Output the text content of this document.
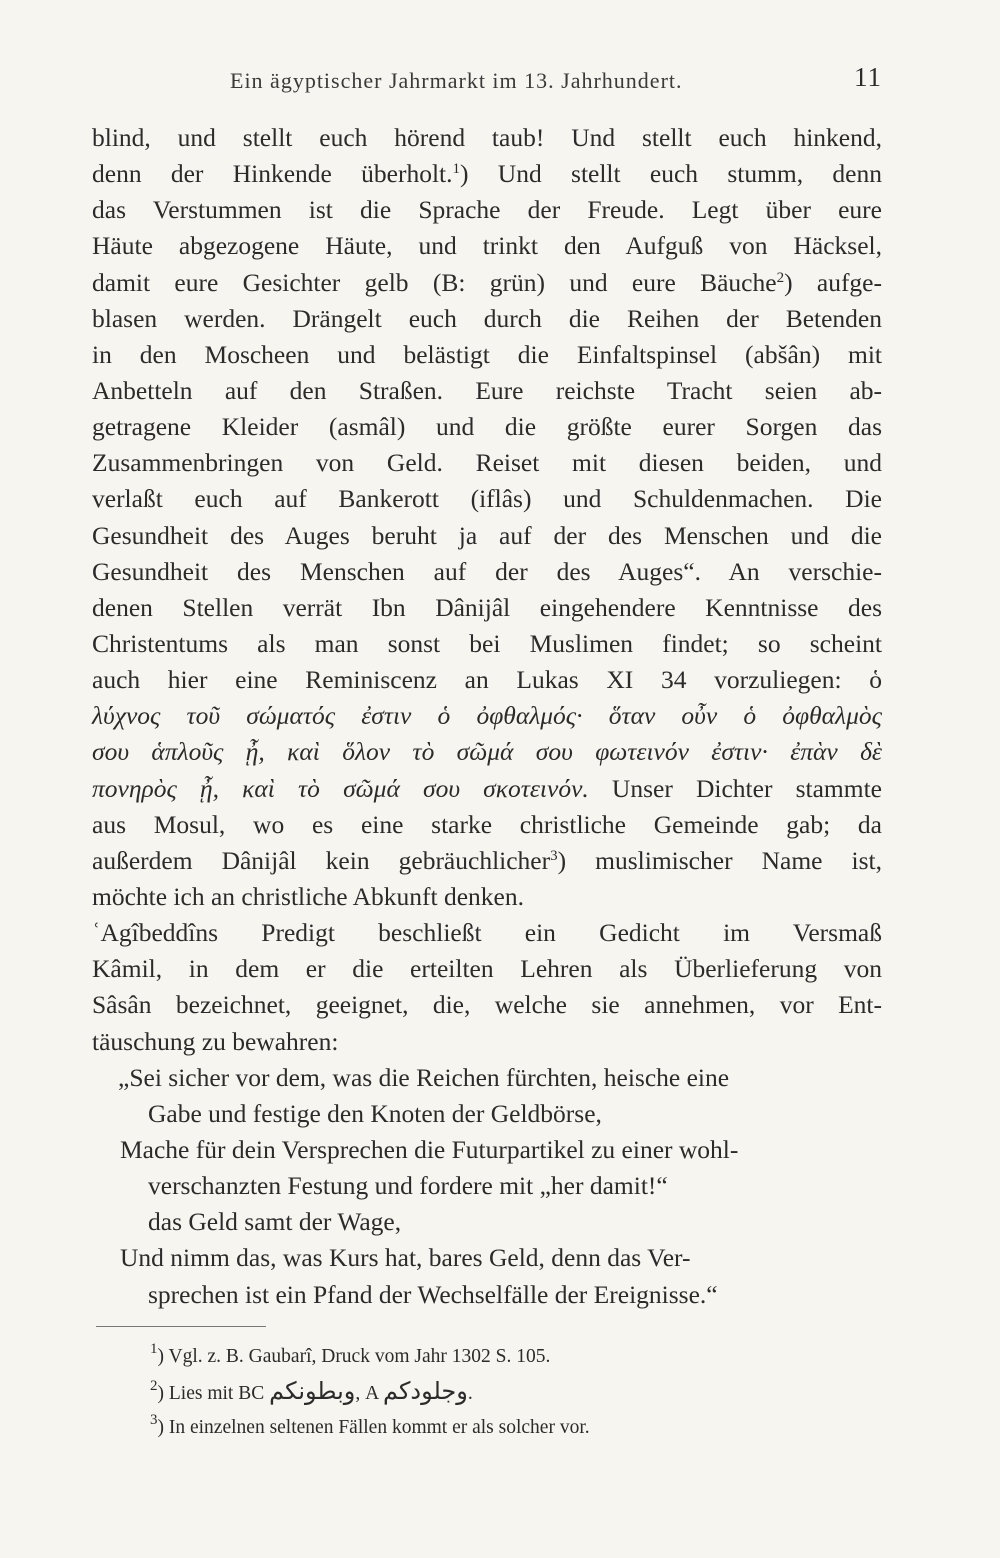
Ein ägyptischer Jahrmarkt im 13. Jahrhundert.	11
blind, und stellt euch hörend taub! Und stellt euch hinkend,
denn der Hinkende überholt.$^1$) Und stellt euch stumm, denn
das Verstummen ist die Sprache der Freude. Legt über eure
Häute abgezogene Häute, und trinkt den Aufguß von Häcksel,
damit eure Gesichter gelb (B: grün) und eure Bäuche$^2$) aufge-
blasen werden. Drängelt euch durch die Reihen der Betenden
in den Moscheen und belästigt die Einfaltspinsel (abšân) mit
Anbetteln auf den Straßen. Eure reichste Tracht seien ab-
getragene Kleider (asmâl) und die größte eurer Sorgen das
Zusammenbringen von Geld. Reiset mit diesen beiden, und
verlaßt euch auf Bankerott (iflâs) und Schuldenmachen. Die
Gesundheit des Auges beruht ja auf der des Menschen und die
Gesundheit des Menschen auf der des Auges“. An verschie-
denen Stellen verrät Ibn Dânijâl eingehendere Kenntnisse des
Christentums als man sonst bei Muslimen findet; so scheint
auch hier eine Reminiscenz an Lukas XI 34 vorzuliegen: ὁ
λύχνος τοῦ σώματός ἐστιν ὁ ὀφθαλμός· ὅταν οὖν ὁ ὀφθαλμὸς
σου ἁπλοῦς ᾖ, καὶ ὅλον τὸ σῶμά σου φωτεινόν ἐστιν· ἐπὰν δὲ
πονηρὸς ᾖ, καὶ τὸ σῶμά σου σκοτεινόν. Unser Dichter stammte
aus Mosul, wo es eine starke christliche Gemeinde gab; da
außerdem Dânijâl kein gebräuchlicher$^3$) muslimischer Name ist,
möchte ich an christliche Abkunft denken.
ʿAgîbeddîns Predigt beschließt ein Gedicht im Versmaß
Kâmil, in dem er die erteilten Lehren als Überlieferung von
Sâsân bezeichnet, geeignet, die, welche sie annehmen, vor Ent-
täuschung zu bewahren:
„Sei sicher vor dem, was die Reichen fürchten, heische eine
Gabe und festige den Knoten der Geldbörse,
Mache für dein Versprechen die Futurpartikel zu einer wohl-
verschanzten Festung und fordere mit „her damit!“
das Geld samt der Wage,
Und nimm das, was Kurs hat, bares Geld, denn das Ver-
sprechen ist ein Pfand der Wechselfälle der Ereignisse.“
$^1$) Vgl. z. B. Gaubarî, Druck vom Jahr 1302 S. 105.
$^2$) Lies mit BC وبطونكم, A وجلودكم.
$^3$) In einzelnen seltenen Fällen kommt er als solcher vor.
